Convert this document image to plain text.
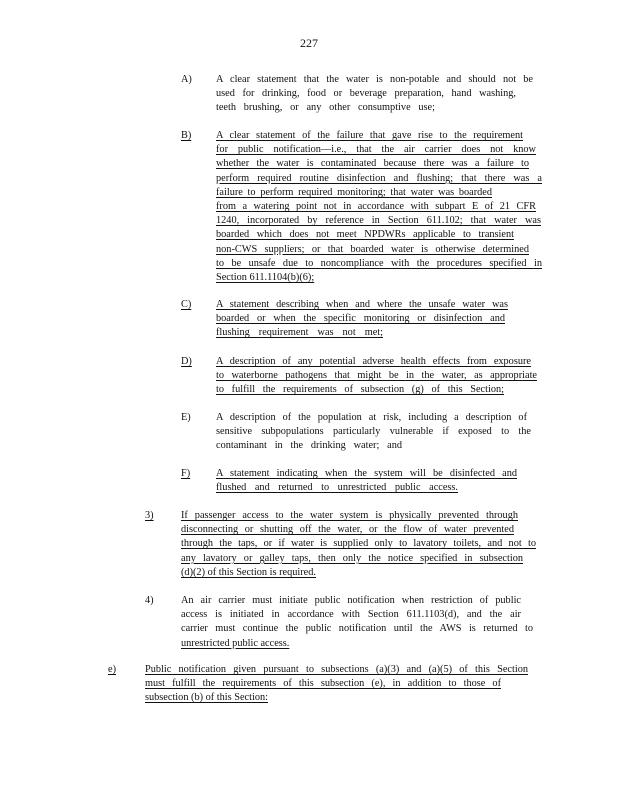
227
A) A clear statement that the water is non-potable and should not be
used for drinking, food or beverage preparation, hand washing,
teeth brushing, or any other consumptive use;
B) A clear statement of the failure that gave rise to the requirement
for public notification—i.e., that the air carrier does not know
whether the water is contaminated because there was a failure to
perform required routine disinfection and flushing; that there was a
failure to perform required monitoring; that water was boarded
from a watering point not in accordance with subpart E of 21 CFR
1240, incorporated by reference in Section 611.102; that water was
boarded which does not meet NPDWRs applicable to transient
non-CWS suppliers; or that boarded water is otherwise determined
to be unsafe due to noncompliance with the procedures specified in
Section 611.1104(b)(6);
C) A statement describing when and where the unsafe water was
boarded or when the specific monitoring or disinfection and
flushing requirement was not met;
D) A description of any potential adverse health effects from exposure
to waterborne pathogens that might be in the water, as appropriate
to fulfill the requirements of subsection (g) of this Section;
E) A description of the population at risk, including a description of
sensitive subpopulations particularly vulnerable if exposed to the
contaminant in the drinking water; and
F)	A statement indicating when the system will be disinfected and
flushed and returned to unrestricted public access.
3)	If passenger access to the water system is physically prevented through
disconnecting or shutting off the water, or the flow of water prevented
through the taps, or if water is supplied only to lavatory toilets, and not to
any lavatory or galley taps, then only the notice specified in subsection
(d)(2) of this Section is required.
4)	An air carrier must initiate public notification when restriction of public
access is initiated in accordance with Section 611.1103(d), and the air
carrier must continue the public notification until the AWS is returned to
unrestricted public access.
e)	Public notification given pursuant to subsections (a)(3) and (a)(5) of this Section
must fulfill the requirements of this subsection (e), in addition to those of
subsection (b) of this Section:
